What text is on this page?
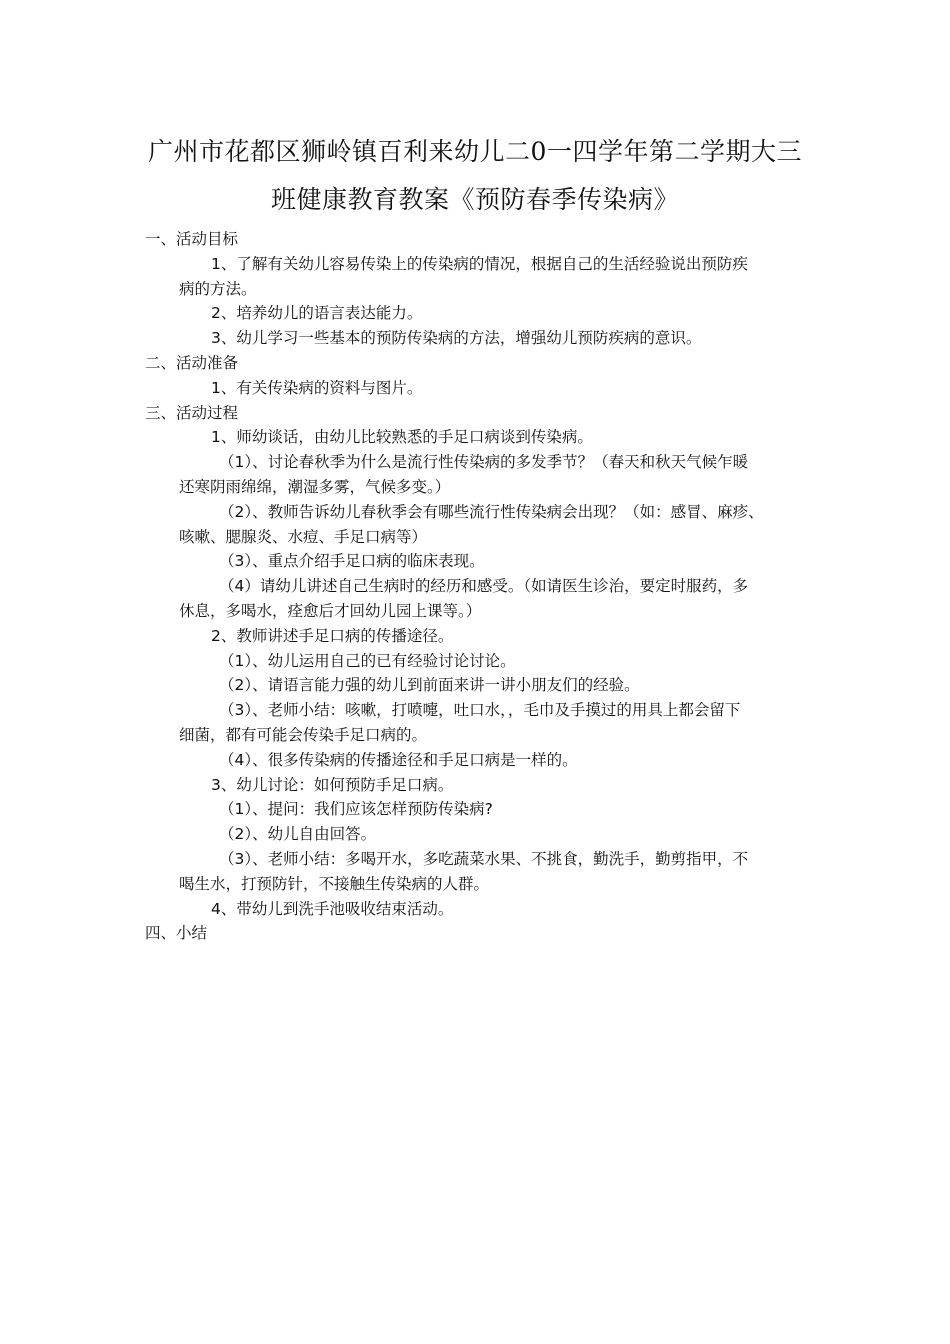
广州市花都区狮岭镇百利来幼儿二0一四学年第二学期大三
班健康教育教案《预防春季传染病》
一、活动目标
1、了解有关幼儿容易传染上的传染病的情况，根据自己的生活经验说出预防疾
病的方法。
2、培养幼儿的语言表达能力。
3、幼儿学习一些基本的预防传染病的方法，增强幼儿预防疾病的意识。
二、活动准备
1、有关传染病的资料与图片。
三、活动过程
1、师幼谈话，由幼儿比较熟悉的手足口病谈到传染病。
（1）、讨论春秋季为什么是流行性传染病的多发季节？（春天和秋天气候乍暖
还寒阴雨绵绵，潮湿多雾，气候多变。）
（2）、教师告诉幼儿春秋季会有哪些流行性传染病会出现？（如：感冒、麻疹、
咳嗽、腮腺炎、水痘、手足口病等）
（3）、重点介绍手足口病的临床表现。
（4）请幼儿讲述自己生病时的经历和感受。（如请医生诊治，要定时服药，多
休息，多喝水，痊愈后才回幼儿园上课等。）
2、教师讲述手足口病的传播途径。
（1）、幼儿运用自己的已有经验讨论讨论。
（2）、请语言能力强的幼儿到前面来讲一讲小朋友们的经验。
（3）、老师小结：咳嗽，打喷嚏，吐口水，，毛巾及手摸过的用具上都会留下
细菌，都有可能会传染手足口病的。
（4）、很多传染病的传播途径和手足口病是一样的。
3、幼儿讨论：如何预防手足口病。
（1）、提问：我们应该怎样预防传染病?
（2）、幼儿自由回答。
（3）、老师小结：多喝开水，多吃蔬菜水果、不挑食，勤洗手，勤剪指甲，不
喝生水，打预防针，不接触生传染病的人群。
4、带幼儿到洗手池吸收结束活动。
四、小结
